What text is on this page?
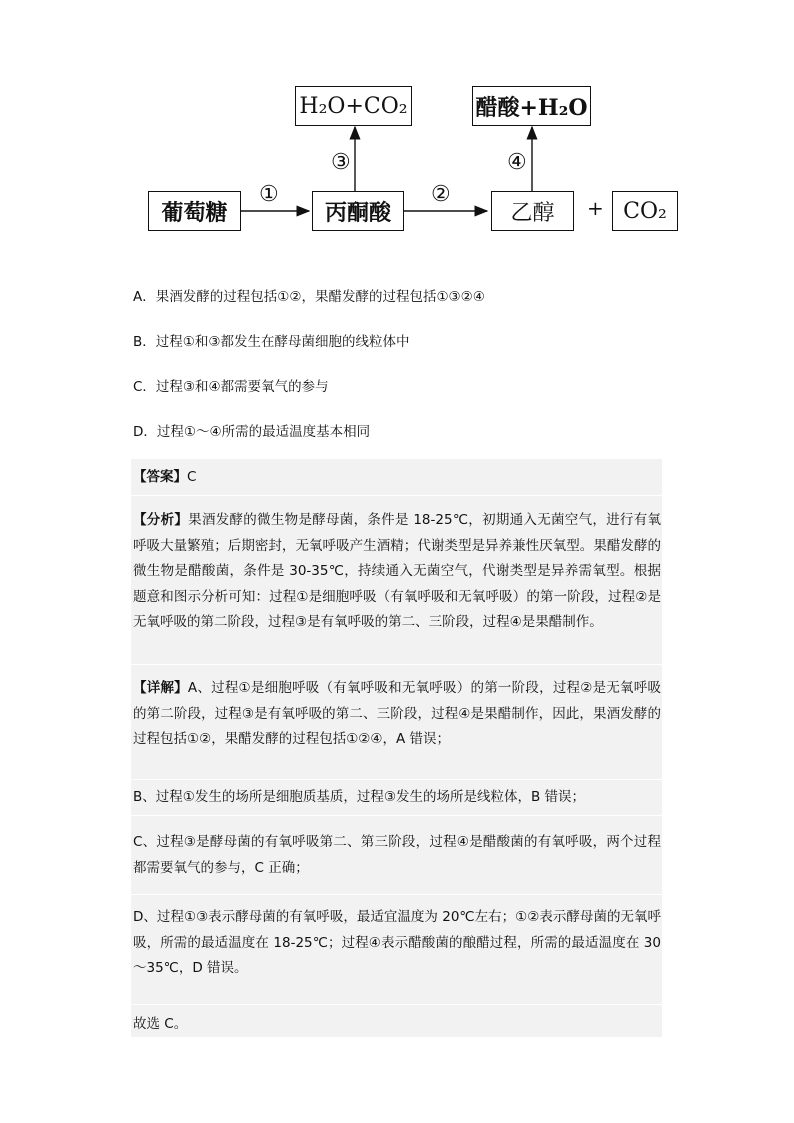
H₂O+CO₂	醋酸+H₂O
葡萄糖	丙酮酸	乙醇	CO₂
①	②
③	④
+
A．果酒发酵的过程包括①②，果醋发酵的过程包括①③②④
B．过程①和③都发生在酵母菌细胞的线粒体中
C．过程③和④都需要氧气的参与
D．过程①～④所需的最适温度基本相同
【答案】C
【分析】果酒发酵的微生物是酵母菌，条件是 18-25℃，初期通入无菌空气，进行有氧呼吸大量繁殖；后期密封，无氧呼吸产生酒精；代谢类型是异养兼性厌氧型。果醋发酵的微生物是醋酸菌，条件是 30-35℃，持续通入无菌空气，代谢类型是异养需氧型。根据题意和图示分析可知：过程①是细胞呼吸（有氧呼吸和无氧呼吸）的第一阶段，过程②是无氧呼吸的第二阶段，过程③是有氧呼吸的第二、三阶段，过程④是果醋制作。
【详解】A、过程①是细胞呼吸（有氧呼吸和无氧呼吸）的第一阶段，过程②是无氧呼吸的第二阶段，过程③是有氧呼吸的第二、三阶段，过程④是果醋制作，因此，果酒发酵的过程包括①②，果醋发酵的过程包括①②④，A 错误；
B、过程①发生的场所是细胞质基质，过程③发生的场所是线粒体，B 错误；
C、过程③是酵母菌的有氧呼吸第二、第三阶段，过程④是醋酸菌的有氧呼吸，两个过程都需要氧气的参与，C 正确；
D、过程①③表示酵母菌的有氧呼吸，最适宜温度为 20℃左右；①②表示酵母菌的无氧呼吸，所需的最适温度在 18-25℃；过程④表示醋酸菌的酿醋过程，所需的最适温度在 30～35℃，D 错误。
故选 C。
